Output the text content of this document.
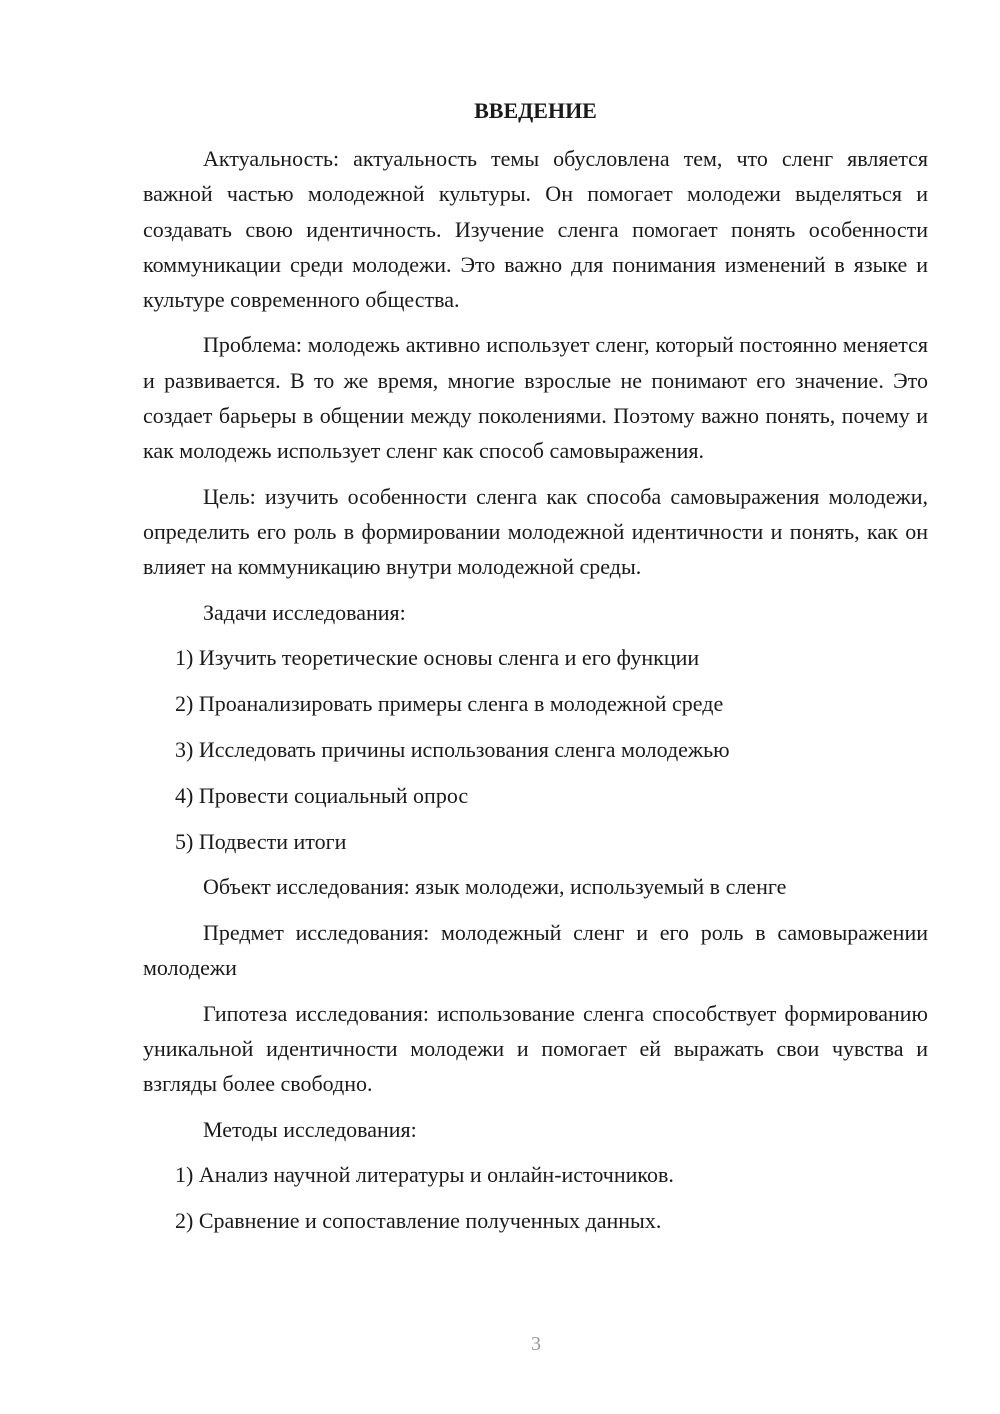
ВВЕДЕНИЕ

Актуальность: актуальность темы обусловлена тем, что сленг является важной частью молодежной культуры. Он помогает молодежи выделяться и создавать свою идентичность. Изучение сленга помогает понять особенности коммуникации среди молодежи. Это важно для понимания изменений в языке и культуре современного общества.

Проблема: молодежь активно использует сленг, который постоянно меняется и развивается. В то же время, многие взрослые не понимают его значение. Это создает барьеры в общении между поколениями. Поэтому важно понять, почему и как молодежь использует сленг как способ самовыражения.

Цель: изучить особенности сленга как способа самовыражения молодежи, определить его роль в формировании молодежной идентичности и понять, как он влияет на коммуникацию внутри молодежной среды.

Задачи исследования:

1) Изучить теоретические основы сленга и его функции
2) Проанализировать примеры сленга в молодежной среде
3) Исследовать причины использования сленга молодежью
4) Провести социальный опрос
5) Подвести итоги

Объект исследования: язык молодежи, используемый в сленге

Предмет исследования: молодежный сленг и его роль в самовыражении молодежи

Гипотеза исследования: использование сленга способствует формированию уникальной идентичности молодежи и помогает ей выражать свои чувства и взгляды более свободно.

Методы исследования:

1) Анализ научной литературы и онлайн-источников.
2) Сравнение и сопоставление полученных данных.
3
